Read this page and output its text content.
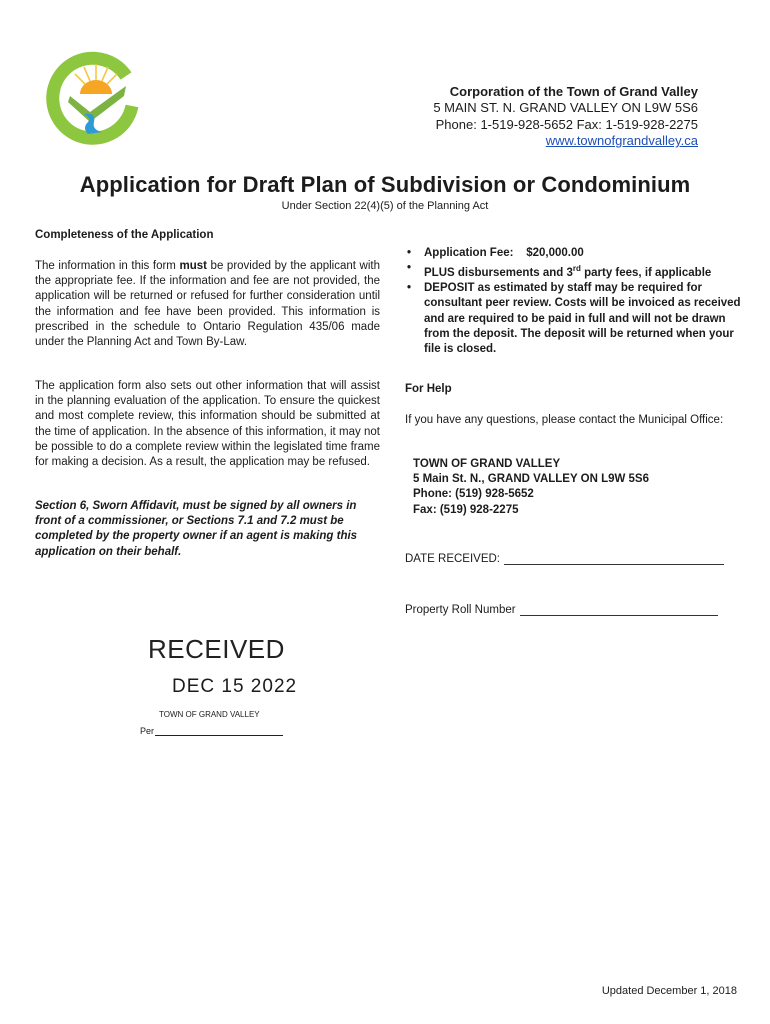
Corporation of the Town of Grand Valley
5 MAIN ST. N. GRAND VALLEY ON L9W 5S6
Phone: 1-519-928-5652 Fax: 1-519-928-2275
www.townofgrandvalley.ca
Application for Draft Plan of Subdivision or Condominium
Under Section 22(4)(5) of the Planning Act
Completeness of the Application
The information in this form must be provided by the applicant with the appropriate fee. If the information and fee are not provided, the application will be returned or refused for further consideration until the information and fee have been provided. This information is prescribed in the schedule to Ontario Regulation 435/06 made under the Planning Act and Town By-Law.
The application form also sets out other information that will assist in the planning evaluation of the application. To ensure the quickest and most complete review, this information should be submitted at the time of application. In the absence of this information, it may not be possible to do a complete review within the legislated time frame for making a decision. As a result, the application may be refused.
Section 6, Sworn Affidavit, must be signed by all owners in front of a commissioner, or Sections 7.1 and 7.2 must be completed by the property owner if an agent is making this application on their behalf.
• Application Fee: $20,000.00
• PLUS disbursements and 3rd party fees, if applicable
• DEPOSIT as estimated by staff may be required for consultant peer review. Costs will be invoiced as received and are required to be paid in full and will not be drawn from the deposit. The deposit will be returned when your file is closed.
For Help
If you have any questions, please contact the Municipal Office:
TOWN OF GRAND VALLEY
5 Main St. N., GRAND VALLEY ON L9W 5S6
Phone: (519) 928-5652
Fax: (519) 928-2275
DATE RECEIVED:
Property Roll Number
RECEIVED
DEC 15 2022
TOWN OF GRAND VALLEY
Per
Updated December 1, 2018
